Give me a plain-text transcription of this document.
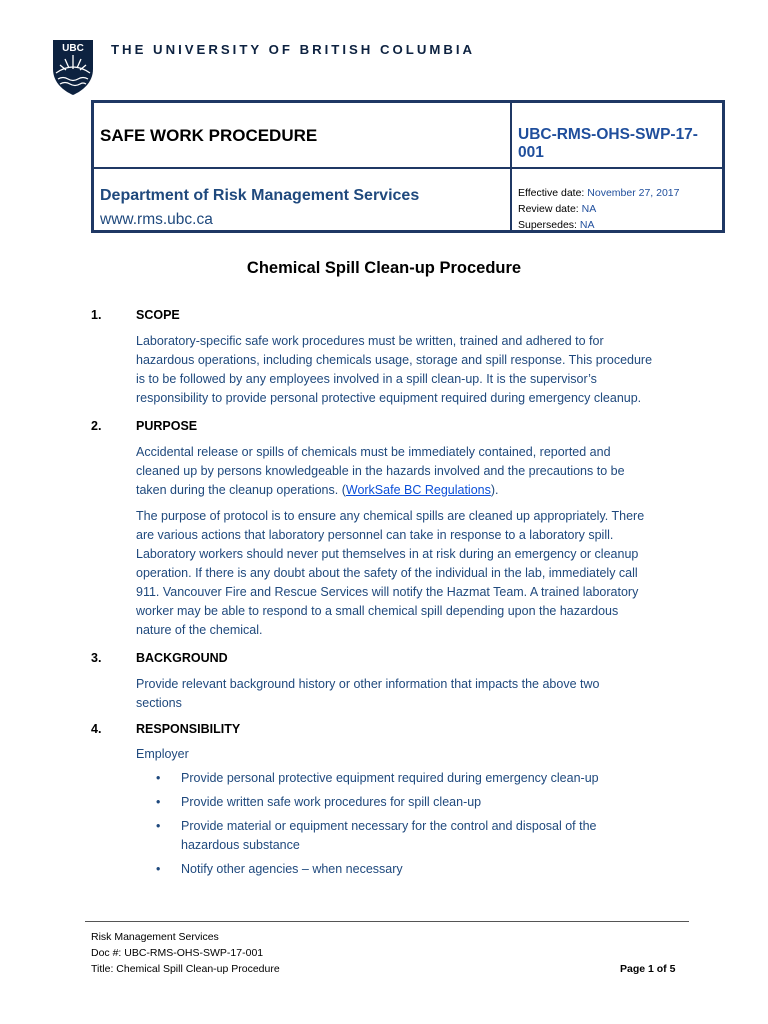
UBC THE UNIVERSITY OF BRITISH COLUMBIA
SAFE WORK PROCEDURE	UBC-RMS-OHS-SWP-17-001
Department of Risk Management Services
www.rms.ubc.ca
Effective date: November 27, 2017
Review date: NA
Supersedes: NA
Chemical Spill Clean-up Procedure
1.	SCOPE
Laboratory-specific safe work procedures must be written, trained and adhered to for
hazardous operations, including chemicals usage, storage and spill response. This procedure
is to be followed by any employees involved in a spill clean-up. It is the supervisor’s
responsibility to provide personal protective equipment required during emergency cleanup.
2.	PURPOSE
Accidental release or spills of chemicals must be immediately contained, reported and
cleaned up by persons knowledgeable in the hazards involved and the precautions to be
taken during the cleanup operations. (WorkSafe BC Regulations).
The purpose of protocol is to ensure any chemical spills are cleaned up appropriately. There
are various actions that laboratory personnel can take in response to a laboratory spill.
Laboratory workers should never put themselves in at risk during an emergency or cleanup
operation. If there is any doubt about the safety of the individual in the lab, immediately call
911. Vancouver Fire and Rescue Services will notify the Hazmat Team. A trained laboratory
worker may be able to respond to a small chemical spill depending upon the hazardous
nature of the chemical.
3.	BACKGROUND
Provide relevant background history or other information that impacts the above two
sections
4.	RESPONSIBILITY
Employer
• Provide personal protective equipment required during emergency clean-up
• Provide written safe work procedures for spill clean-up
• Provide material or equipment necessary for the control and disposal of the
hazardous substance
• Notify other agencies – when necessary
Risk Management Services
Doc #: UBC-RMS-OHS-SWP-17-001
Title: Chemical Spill Clean-up Procedure	Page 1 of 5
